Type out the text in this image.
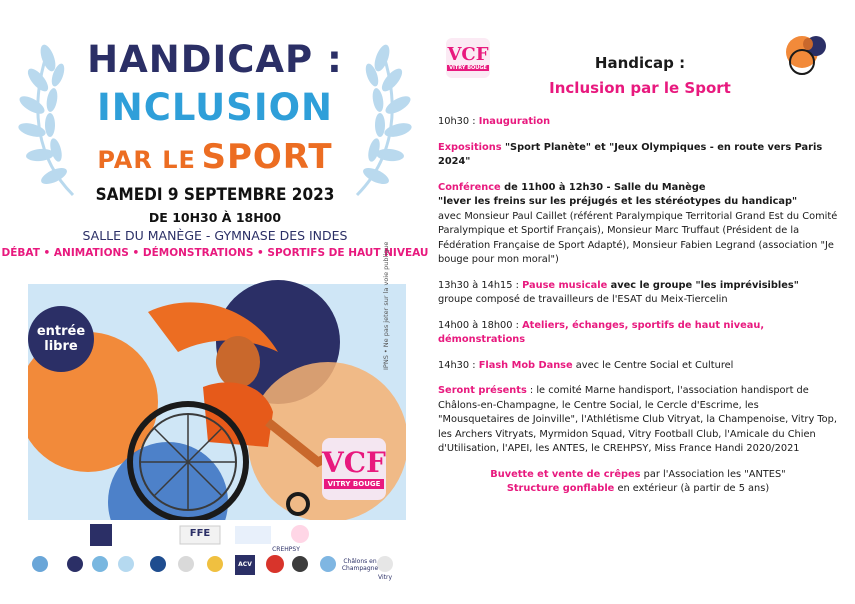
HANDICAP :
INCLUSION
PAR LE SPORT
SAMEDI 9 SEPTEMBRE 2023
DE 10H30 À 18H00
SALLE DU MANÈGE - GYMNASE DES INDES
DÉBAT • ANIMATIONS • DÉMONSTRATIONS • SPORTIFS DE HAUT NIVEAU
entrée
libre	IPNS • Ne pas jeter sur la voie publique
VCF
VITRY BOUGE
FFE
CREHPSY
ACV	Châlons en Champagne
Vitry
VCF
VITRY BOUGE	Handicap :
Inclusion par le Sport

10h30 : Inauguration

Expositions "Sport Planète" et "Jeux Olympiques - en route vers Paris 2024"

Conférence de 11h00 à 12h30 - Salle du Manège
"lever les freins sur les préjugés et les stéréotypes du handicap"
avec Monsieur Paul Caillet (référent Paralympique Territorial Grand Est du Comité Paralympique et Sportif Français), Monsieur Marc Truffaut (Président de la Fédération Française de Sport Adapté), Monsieur Fabien Legrand (association "Je bouge pour mon moral")

13h30 à 14h15 : Pause musicale avec le groupe "les imprévisibles"
groupe composé de travailleurs de l'ESAT du Meix-Tiercelin

14h00 à 18h00 : Ateliers, échanges, sportifs de haut niveau, démonstrations

14h30 : Flash Mob Danse avec le Centre Social et Culturel

Seront présents : le comité Marne handisport, l'association handisport de Châlons-en-Champagne, le Centre Social, le Cercle d'Escrime, les "Mousquetaires de Joinville", l'Athlétisme Club Vitryat, la Champenoise, Vitry Top, les Archers Vitryats, Myrmidon Squad, Vitry Football Club, l'Amicale du Chien d'Utilisation, l'APEI, les ANTES, le CREHPSY, Miss France Handi 2020/2021

Buvette et vente de crêpes par l'Association les "ANTES"
Structure gonflable en extérieur (à partir de 5 ans)
